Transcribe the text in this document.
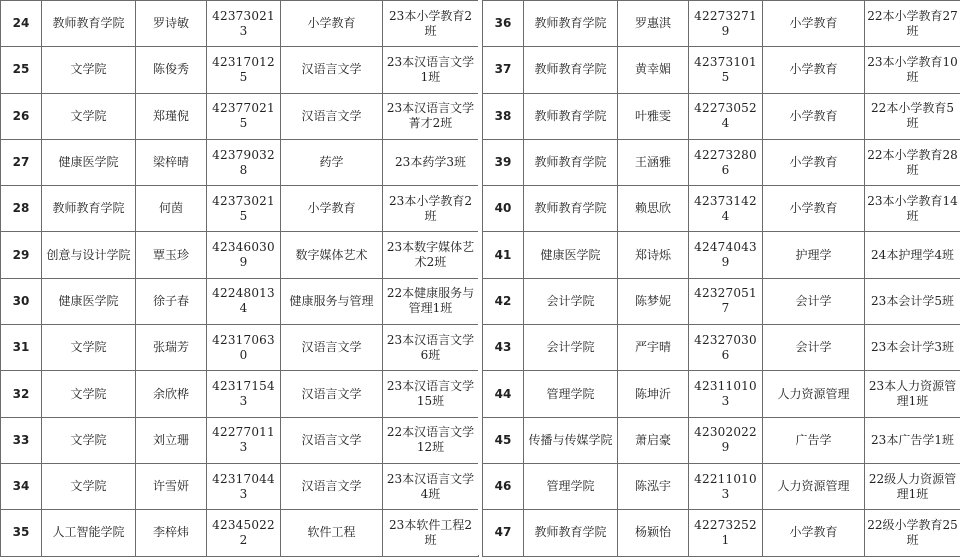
24	教师教育学院	罗诗敏	423730213	小学教育	23本小学教育2班
25	文学院	陈俊秀	423170125	汉语言文学	23本汉语言文学1班
26	文学院	郑瑾倪	423770215	汉语言文学	23本汉语言文学菁才2班
27	健康医学院	梁梓晴	423790328	药学	23本药学3班
28	教师教育学院	何茵	423730215	小学教育	23本小学教育2班
29	创意与设计学院	覃玉珍	423460309	数字媒体艺术	23本数字媒体艺术2班
30	健康医学院	徐子春	422480134	健康服务与管理	22本健康服务与管理1班
31	文学院	张瑞芳	423170630	汉语言文学	23本汉语言文学6班
32	文学院	余欣桦	423171543	汉语言文学	23本汉语言文学15班
33	文学院	刘立珊	422770113	汉语言文学	22本汉语言文学12班
34	文学院	许雪妍	423170443	汉语言文学	23本汉语言文学4班
35	人工智能学院	李梓炜	423450222	软件工程	23本软件工程2班
36	教师教育学院	罗惠淇	422732719	小学教育	22本小学教育27班
37	教师教育学院	黄幸媚	423731015	小学教育	23本小学教育10班
38	教师教育学院	叶雅雯	422730524	小学教育	22本小学教育5班
39	教师教育学院	王涵雅	422732806	小学教育	22本小学教育28班
40	教师教育学院	赖思欣	423731424	小学教育	23本小学教育14班
41	健康医学院	郑诗烁	424740439	护理学	24本护理学4班
42	会计学院	陈梦妮	423270517	会计学	23本会计学5班
43	会计学院	严宇晴	423270306	会计学	23本会计学3班
44	管理学院	陈坤沂	423110103	人力资源管理	23本人力资源管理1班
45	传播与传媒学院	萧启豪	423020229	广告学	23本广告学1班
46	管理学院	陈泓宇	422110103	人力资源管理	22级人力资源管理1班
47	教师教育学院	杨颖怡	422732521	小学教育	22级小学教育25班
